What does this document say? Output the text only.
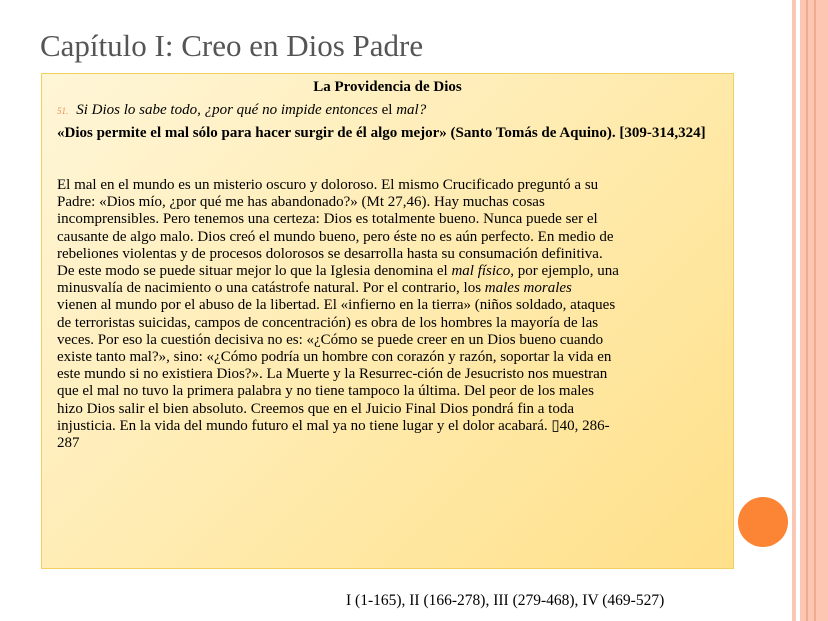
Capítulo I: Creo en Dios Padre
La Providencia de Dios
51. Si Dios lo sabe todo, ¿por qué no impide entonces el mal?
«Dios permite el mal sólo para hacer surgir de él algo mejor» (Santo Tomás de Aquino). [309-314,324]
El mal en el mundo es un misterio oscuro y doloroso. El mismo Crucificado preguntó a su
Padre: «Dios mío, ¿por qué me has abandonado?» (Mt 27,46). Hay muchas cosas
incomprensibles. Pero tenemos una certeza: Dios es totalmente bueno. Nunca puede ser el
causante de algo malo. Dios creó el mundo bueno, pero éste no es aún perfecto. En medio de
rebeliones violentas y de procesos dolorosos se desarrolla hasta su consumación definitiva.
De este modo se puede situar mejor lo que la Iglesia denomina el mal físico, por ejemplo, una
minusvalía de nacimiento o una catástrofe natural. Por el contrario, los males morales
vienen al mundo por el abuso de la libertad. El «infierno en la tierra» (niños soldado, ataques
de terroristas suicidas, campos de concentración) es obra de los hombres la mayoría de las
veces. Por eso la cuestión decisiva no es: «¿Cómo se puede creer en un Dios bueno cuando
existe tanto mal?», sino: «¿Cómo podría un hombre con corazón y razón, soportar la vida en
este mundo si no existiera Dios?». La Muerte y la Resurrec-ción de Jesucristo nos muestran
que el mal no tuvo la primera palabra y no tiene tampoco la última. Del peor de los males
hizo Dios salir el bien absoluto. Creemos que en el Juicio Final Dios pondrá fin a toda
injusticia. En la vida del mundo futuro el mal ya no tiene lugar y el dolor acabará. ▯40, 286-
287
I (1-165), II (166-278), III (279-468), IV (469-527)
